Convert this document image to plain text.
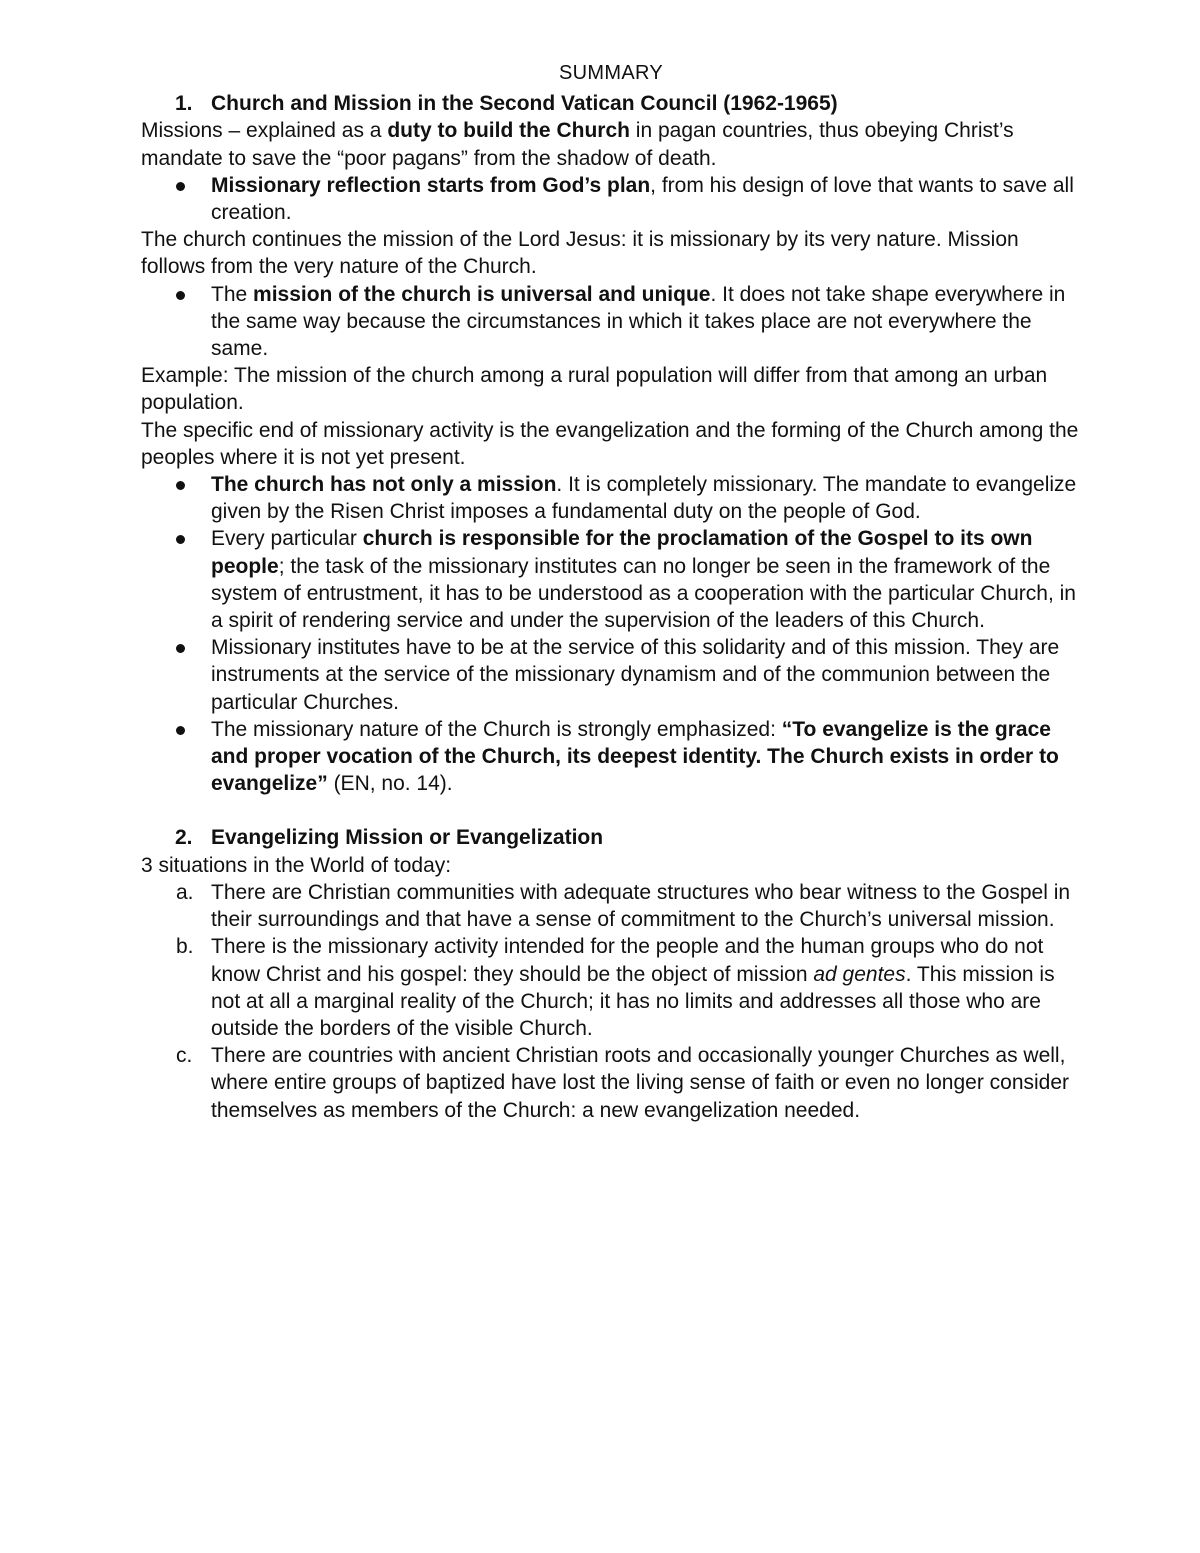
SUMMARY
1. Church and Mission in the Second Vatican Council (1962-1965)

Missions – explained as a duty to build the Church in pagan countries, thus obeying Christ’s mandate to save the “poor pagans” from the shadow of death.

Missionary reflection starts from God’s plan, from his design of love that wants to save all creation.

The church continues the mission of the Lord Jesus: it is missionary by its very nature. Mission follows from the very nature of the Church.

The mission of the church is universal and unique. It does not take shape everywhere in the same way because the circumstances in which it takes place are not everywhere the same.

Example: The mission of the church among a rural population will differ from that among an urban population.

The specific end of missionary activity is the evangelization and the forming of the Church among the peoples where it is not yet present.

The church has not only a mission. It is completely missionary. The mandate to evangelize given by the Risen Christ imposes a fundamental duty on the people of God.
Every particular church is responsible for the proclamation of the Gospel to its own people; the task of the missionary institutes can no longer be seen in the framework of the system of entrustment, it has to be understood as a cooperation with the particular Church, in a spirit of rendering service and under the supervision of the leaders of this Church.
Missionary institutes have to be at the service of this solidarity and of this mission. They are instruments at the service of the missionary dynamism and of the communion between the particular Churches.
The missionary nature of the Church is strongly emphasized: “To evangelize is the grace and proper vocation of the Church, its deepest identity. The Church exists in order to evangelize” (EN, no. 14).
2. Evangelizing Mission or Evangelization

3 situations in the World of today:

a. There are Christian communities with adequate structures who bear witness to the Gospel in their surroundings and that have a sense of commitment to the Church’s universal mission.
b. There is the missionary activity intended for the people and the human groups who do not know Christ and his gospel: they should be the object of mission ad gentes. This mission is not at all a marginal reality of the Church; it has no limits and addresses all those who are outside the borders of the visible Church.
c. There are countries with ancient Christian roots and occasionally younger Churches as well, where entire groups of baptized have lost the living sense of faith or even no longer consider themselves as members of the Church: a new evangelization needed.
